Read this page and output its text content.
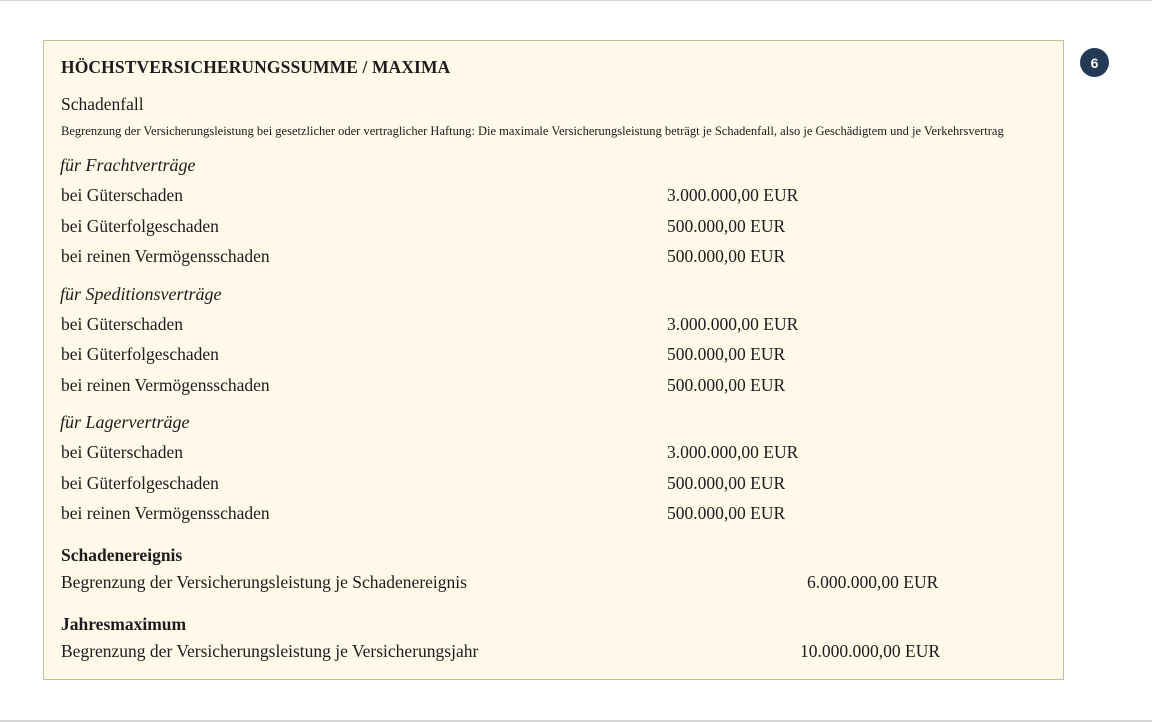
HÖCHSTVERSICHERUNGSSUMME / MAXIMA
Schadenfall
Begrenzung der Versicherungsleistung bei gesetzlicher oder vertraglicher Haftung: Die maximale Versicherungsleistung beträgt je Schadenfall, also je Geschädigtem und je Verkehrsvertrag
für Frachtverträge
bei Güterschaden	3.000.000,00 EUR
bei Güterfolgeschaden	500.000,00 EUR
bei reinen Vermögensschaden	500.000,00 EUR
für Speditionsverträge
bei Güterschaden	3.000.000,00 EUR
bei Güterfolgeschaden	500.000,00 EUR
bei reinen Vermögensschaden	500.000,00 EUR
für Lagerverträge
bei Güterschaden	3.000.000,00 EUR
bei Güterfolgeschaden	500.000,00 EUR
bei reinen Vermögensschaden	500.000,00 EUR
Schadenereignis
Begrenzung der Versicherungsleistung je Schadenereignis	6.000.000,00 EUR
Jahresmaximum
Begrenzung der Versicherungsleistung je Versicherungsjahr	10.000.000,00 EUR
6
